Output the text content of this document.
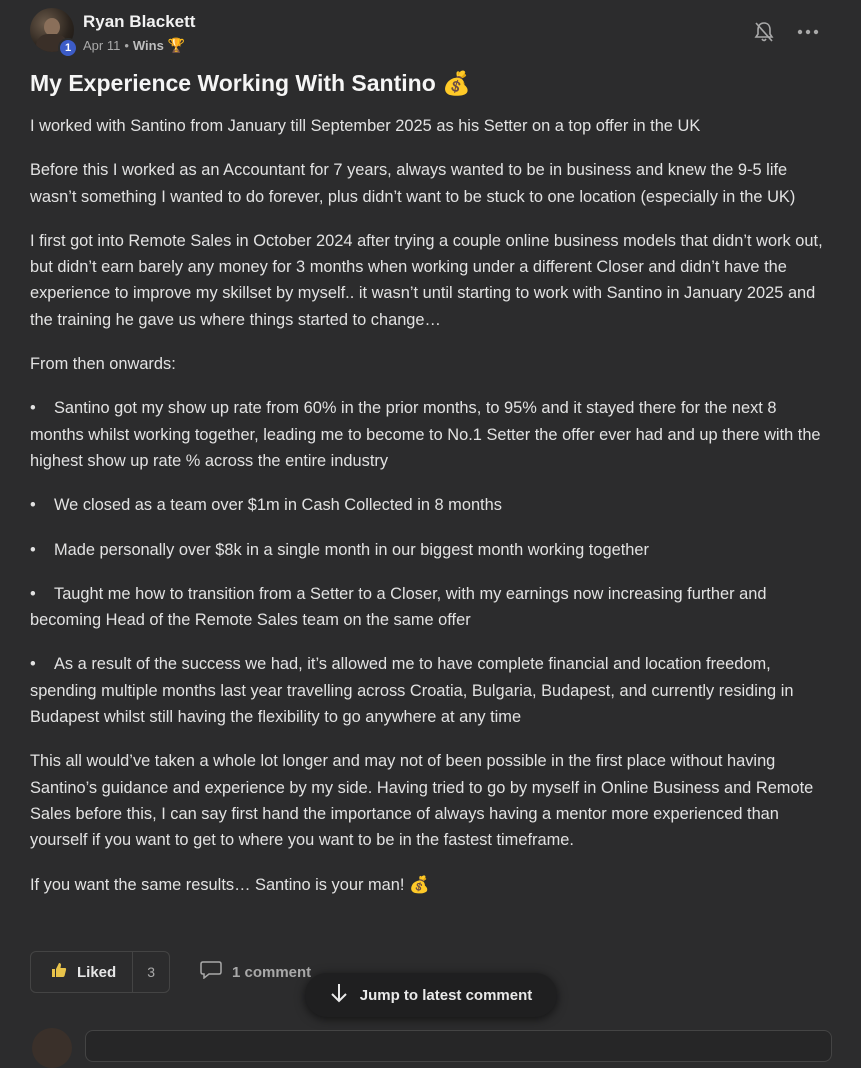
1
Ryan Blackett
Apr 11 • Wins 🏆
My Experience Working With Santino 💰

I worked with Santino from January till September 2025 as his Setter on a top offer in the UK

Before this I worked as an Accountant for 7 years, always wanted to be in business and knew the 9-5 life wasn’t something I wanted to do forever, plus didn’t want to be stuck to one location (especially in the UK)

I first got into Remote Sales in October 2024 after trying a couple online business models that didn’t work out, but didn’t earn barely any money for 3 months when working under a different Closer and didn’t have the experience to improve my skillset by myself.. it wasn’t until starting to work with Santino in January 2025 and the training he gave us where things started to change…

From then onwards:

• Santino got my show up rate from 60% in the prior months, to 95% and it stayed there for the next 8 months whilst working together, leading me to become to No.1 Setter the offer ever had and up there with the highest show up rate % across the entire industry
• We closed as a team over $1m in Cash Collected in 8 months
• Made personally over $8k in a single month in our biggest month working together
• Taught me how to transition from a Setter to a Closer, with my earnings now increasing further and becoming Head of the Remote Sales team on the same offer
• As a result of the success we had, it’s allowed me to have complete financial and location freedom, spending multiple months last year travelling across Croatia, Bulgaria, Budapest, and currently residing in Budapest whilst still having the flexibility to go anywhere at any time

This all would’ve taken a whole lot longer and may not of been possible in the first place without having Santino’s guidance and experience by my side. Having tried to go by myself in Online Business and Remote Sales before this, I can say first hand the importance of always having a mentor more experienced than yourself if you want to get to where you want to be in the fastest timeframe.

If you want the same results… Santino is your man! 💰

Liked	3	1 comment
Jump to latest comment
